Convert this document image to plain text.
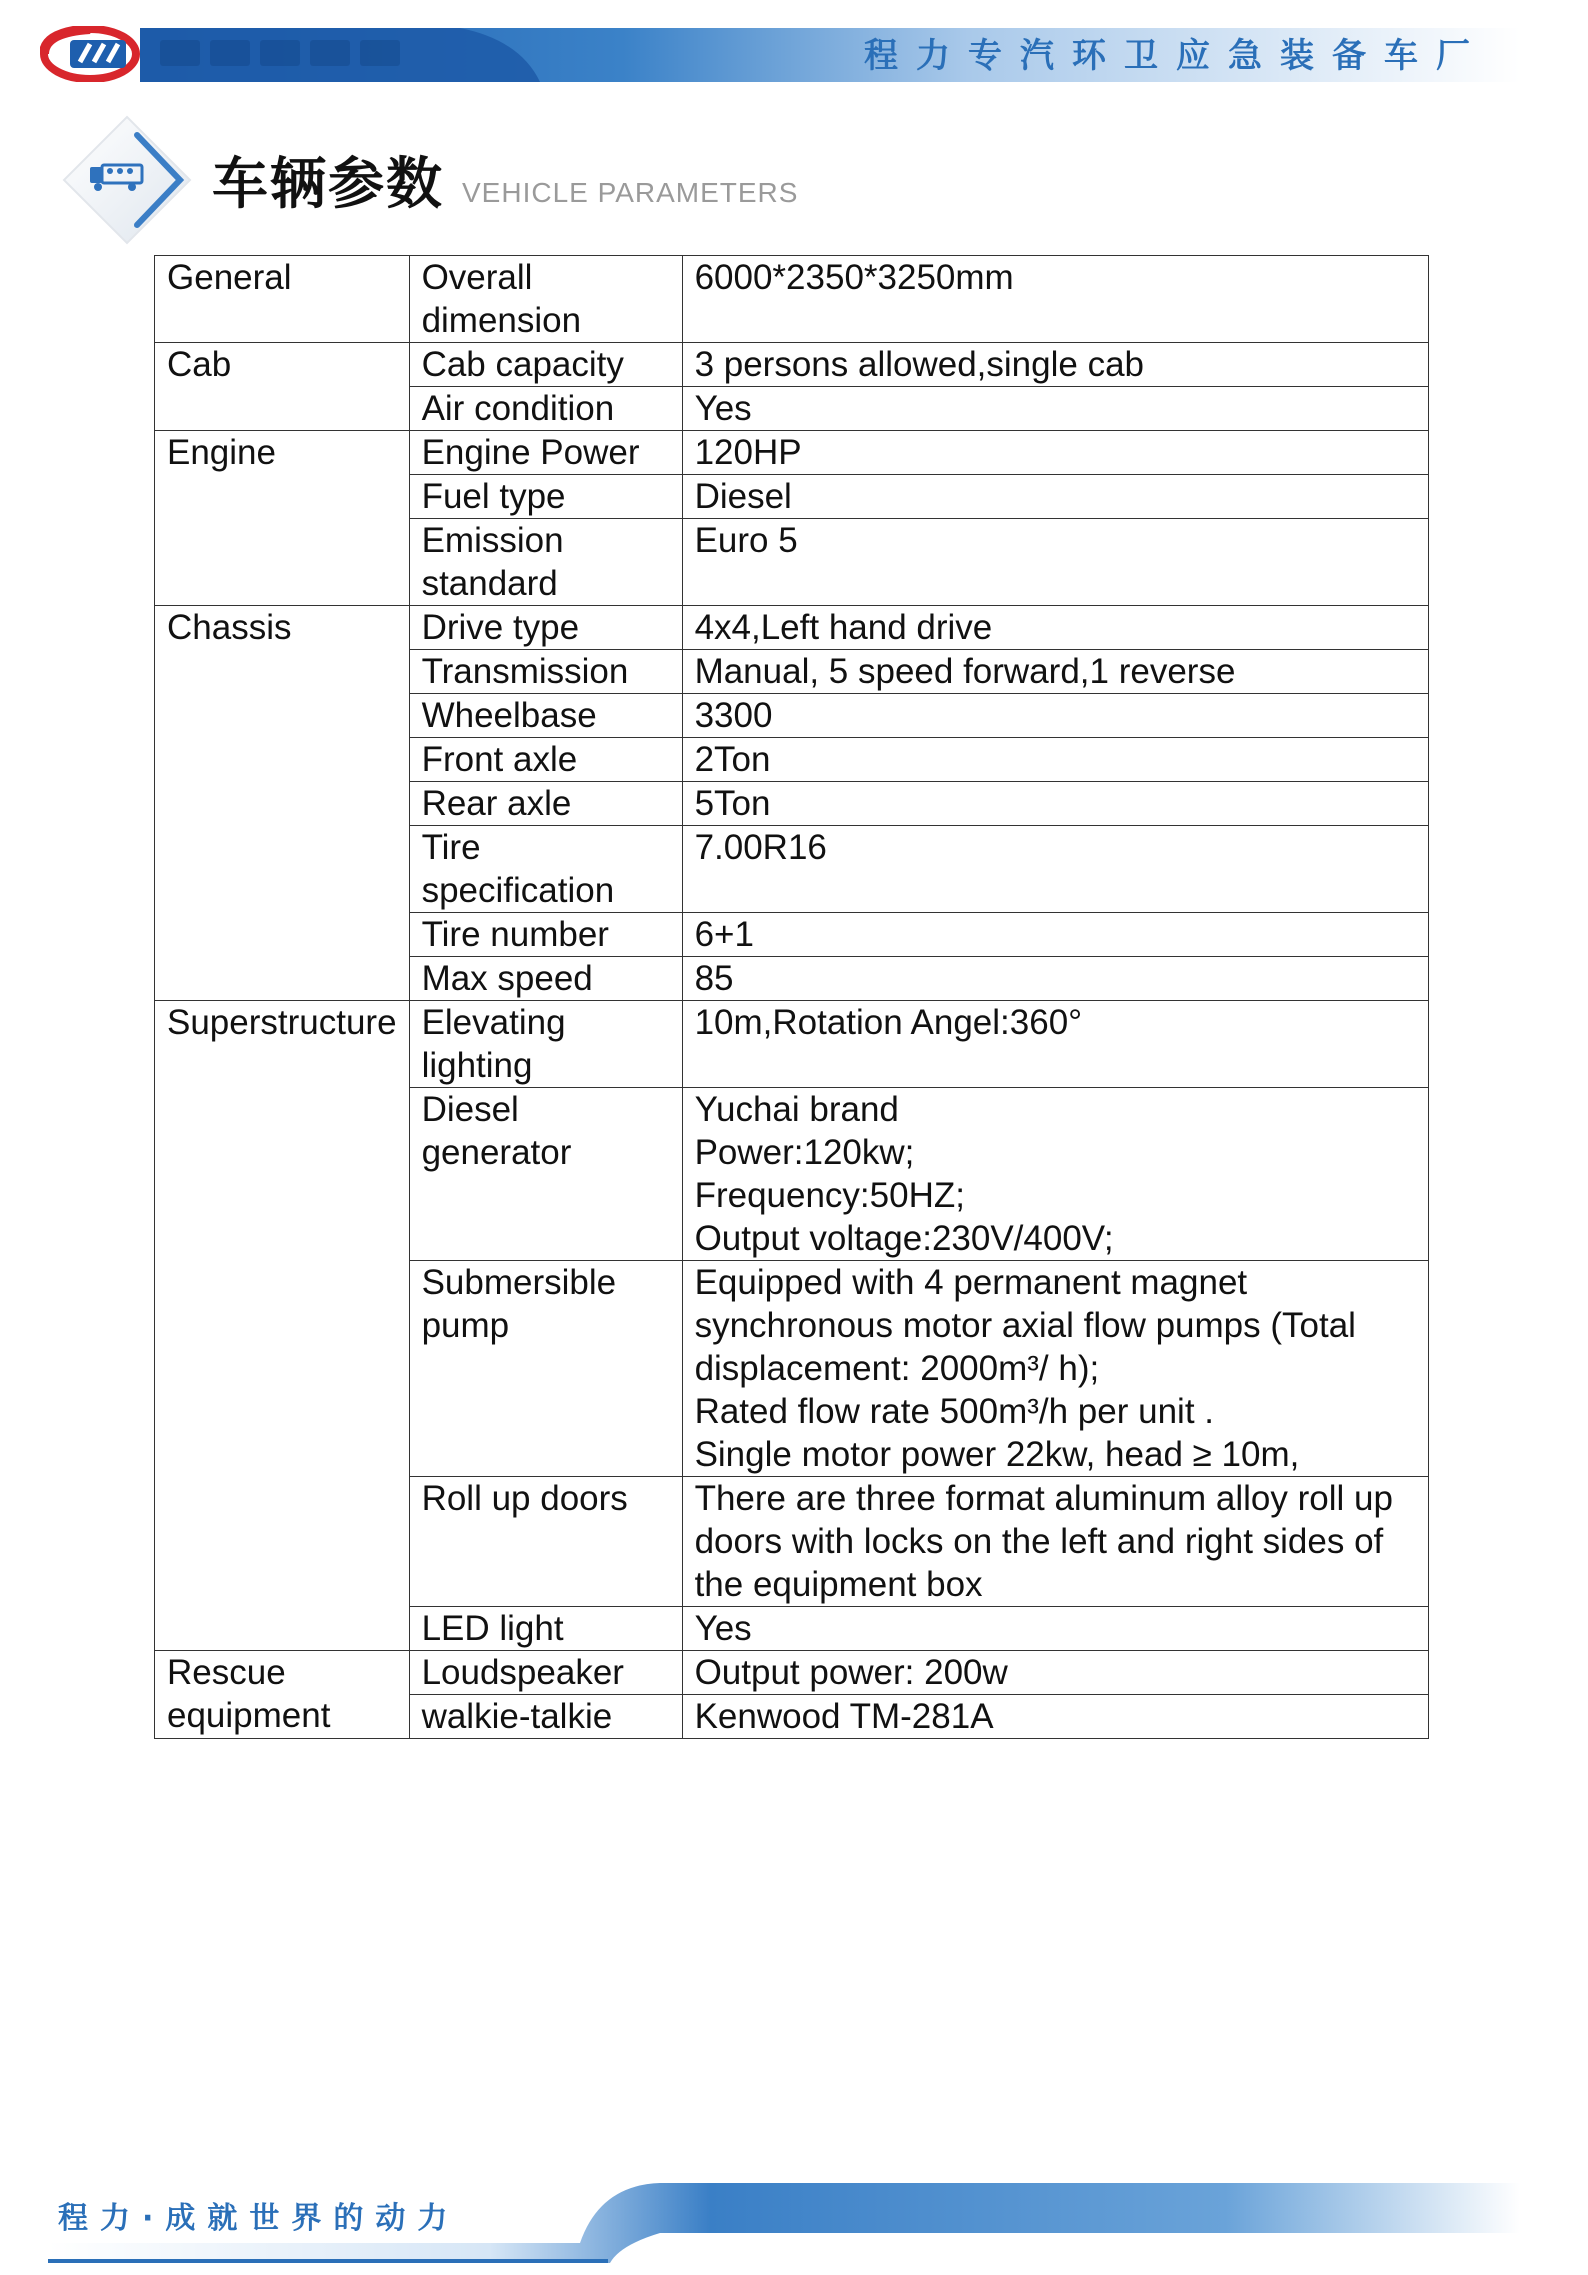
程力专汽环卫应急装备车厂
车辆参数 VEHICLE PARAMETERS
General	Overall dimension	6000*2350*3250mm

Cab	Cab capacity	3 persons allowed,single cab

	Air condition	Yes

Engine	Engine Power	120HP

	Fuel type	Diesel

	Emission standard	Euro 5

Chassis	Drive type	4x4,Left hand drive

	Transmission	Manual, 5 speed forward,1 reverse

	Wheelbase	3300

	Front axle	2Ton

	Rear axle	5Ton

	Tire specification	7.00R16

	Tire number	6+1

	Max speed	85

Superstructure	Elevating lighting	10m,Rotation Angel:360°

	Diesel generator	Yuchai brand
Power:120kw;
Frequency:50HZ;
Output voltage:230V/400V;

	Submersible pump	Equipped with 4 permanent magnet synchronous motor axial flow pumps (Total displacement: 2000m³/ h);
Rated flow rate 500m³/h per unit .
Single motor power 22kw, head ≥ 10m,

	Roll up doors	There are three format aluminum alloy roll up doors with locks on the left and right sides of the equipment box

	LED light	Yes

Rescue equipment	Loudspeaker	Output power: 200w

	walkie-talkie	Kenwood TM-281A
程力·成就世界的动力
